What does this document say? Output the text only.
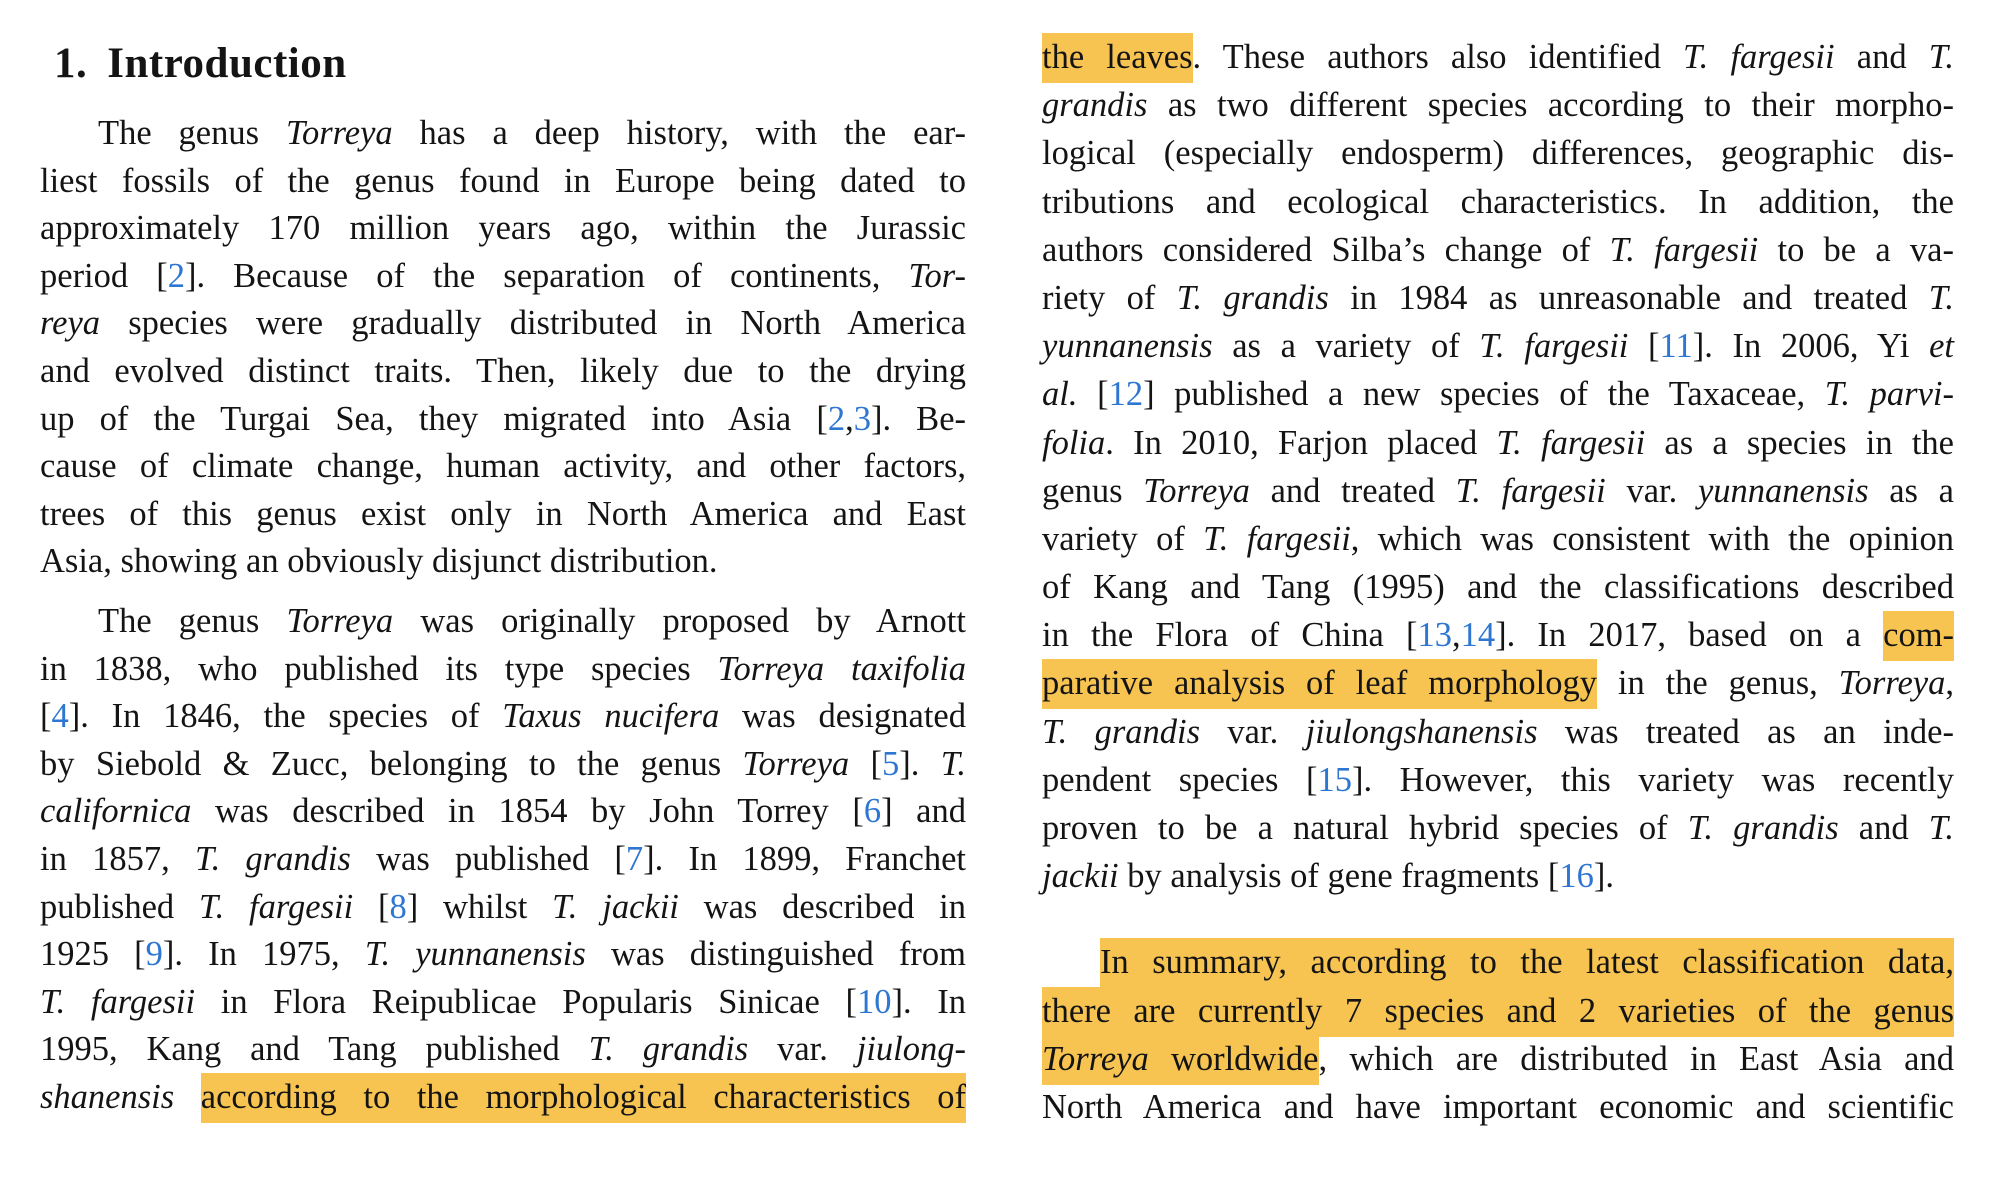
1. Introduction
The genus Torreya has a deep history, with the ear-
liest fossils of the genus found in Europe being dated to
approximately 170 million years ago, within the Jurassic
period [2]. Because of the separation of continents, Tor-
reya species were gradually distributed in North America
and evolved distinct traits. Then, likely due to the drying
up of the Turgai Sea, they migrated into Asia [2,3]. Be-
cause of climate change, human activity, and other factors,
trees of this genus exist only in North America and East
Asia, showing an obviously disjunct distribution.
The genus Torreya was originally proposed by Arnott
in 1838, who published its type species Torreya taxifolia
[4]. In 1846, the species of Taxus nucifera was designated
by Siebold & Zucc, belonging to the genus Torreya [5]. T.
californica was described in 1854 by John Torrey [6] and
in 1857, T. grandis was published [7]. In 1899, Franchet
published T. fargesii [8] whilst T. jackii was described in
1925 [9]. In 1975, T. yunnanensis was distinguished from
T. fargesii in Flora Reipublicae Popularis Sinicae [10]. In
1995, Kang and Tang published T. grandis var. jiulong-
shanensis according to the morphological characteristics of
the leaves. These authors also identified T. fargesii and T.
grandis as two different species according to their morpho-
logical (especially endosperm) differences, geographic dis-
tributions and ecological characteristics. In addition, the
authors considered Silba’s change of T. fargesii to be a va-
riety of T. grandis in 1984 as unreasonable and treated T.
yunnanensis as a variety of T. fargesii [11]. In 2006, Yi et
al. [12] published a new species of the Taxaceae, T. parvi-
folia. In 2010, Farjon placed T. fargesii as a species in the
genus Torreya and treated T. fargesii var. yunnanensis as a
variety of T. fargesii, which was consistent with the opinion
of Kang and Tang (1995) and the classifications described
in the Flora of China [13,14]. In 2017, based on a com-
parative analysis of leaf morphology in the genus, Torreya,
T. grandis var. jiulongshanensis was treated as an inde-
pendent species [15]. However, this variety was recently
proven to be a natural hybrid species of T. grandis and T.
jackii by analysis of gene fragments [16].
In summary, according to the latest classification data,
there are currently 7 species and 2 varieties of the genus
Torreya worldwide, which are distributed in East Asia and
North America and have important economic and scientific
